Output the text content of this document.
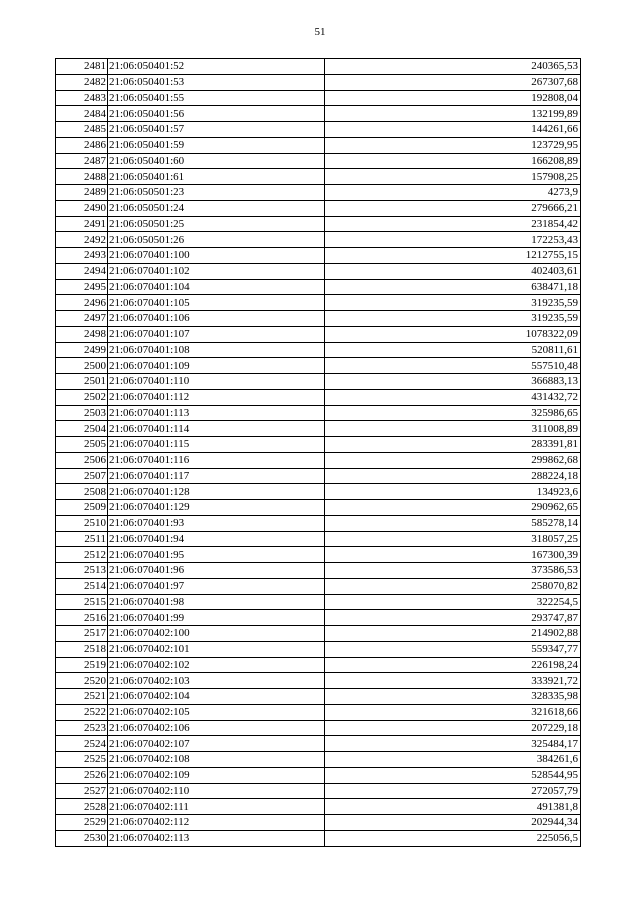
51
2481	21:06:050401:52	240365,53
2482	21:06:050401:53	267307,68
2483	21:06:050401:55	192808,04
2484	21:06:050401:56	132199,89
2485	21:06:050401:57	144261,66
2486	21:06:050401:59	123729,95
2487	21:06:050401:60	166208,89
2488	21:06:050401:61	157908,25
2489	21:06:050501:23	4273,9
2490	21:06:050501:24	279666,21
2491	21:06:050501:25	231854,42
2492	21:06:050501:26	172253,43
2493	21:06:070401:100	1212755,15
2494	21:06:070401:102	402403,61
2495	21:06:070401:104	638471,18
2496	21:06:070401:105	319235,59
2497	21:06:070401:106	319235,59
2498	21:06:070401:107	1078322,09
2499	21:06:070401:108	520811,61
2500	21:06:070401:109	557510,48
2501	21:06:070401:110	366883,13
2502	21:06:070401:112	431432,72
2503	21:06:070401:113	325986,65
2504	21:06:070401:114	311008,89
2505	21:06:070401:115	283391,81
2506	21:06:070401:116	299862,68
2507	21:06:070401:117	288224,18
2508	21:06:070401:128	134923,6
2509	21:06:070401:129	290962,65
2510	21:06:070401:93	585278,14
2511	21:06:070401:94	318057,25
2512	21:06:070401:95	167300,39
2513	21:06:070401:96	373586,53
2514	21:06:070401:97	258070,82
2515	21:06:070401:98	322254,5
2516	21:06:070401:99	293747,87
2517	21:06:070402:100	214902,88
2518	21:06:070402:101	559347,77
2519	21:06:070402:102	226198,24
2520	21:06:070402:103	333921,72
2521	21:06:070402:104	328335,98
2522	21:06:070402:105	321618,66
2523	21:06:070402:106	207229,18
2524	21:06:070402:107	325484,17
2525	21:06:070402:108	384261,6
2526	21:06:070402:109	528544,95
2527	21:06:070402:110	272057,79
2528	21:06:070402:111	491381,8
2529	21:06:070402:112	202944,34
2530	21:06:070402:113	225056,5
